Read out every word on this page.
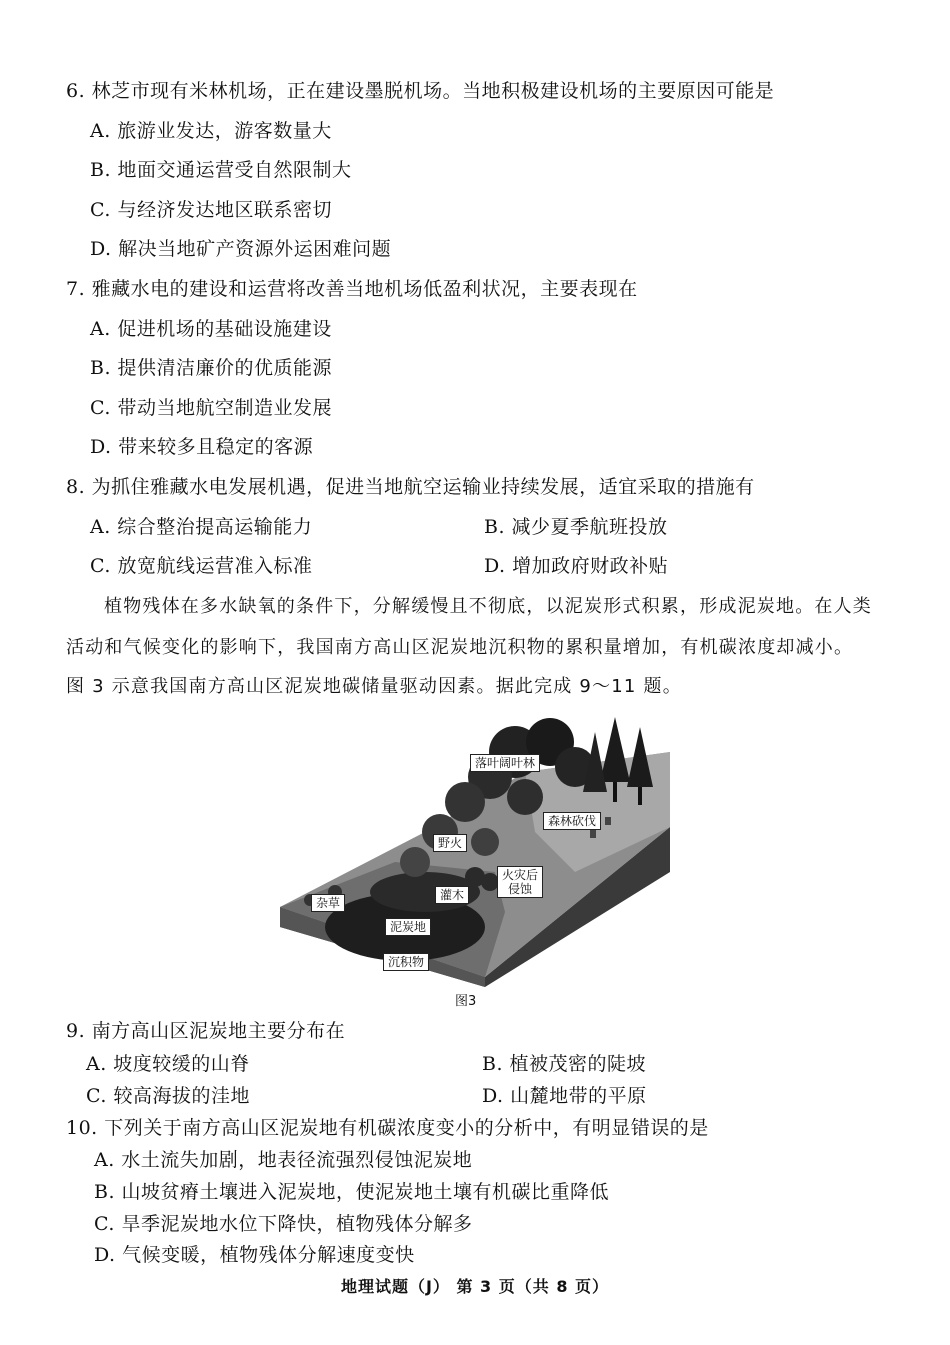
6. 林芝市现有米林机场，正在建设墨脱机场。当地积极建设机场的主要原因可能是
A. 旅游业发达，游客数量大
B. 地面交通运营受自然限制大
C. 与经济发达地区联系密切
D. 解决当地矿产资源外运困难问题
7. 雅藏水电的建设和运营将改善当地机场低盈利状况，主要表现在
A. 促进机场的基础设施建设
B. 提供清洁廉价的优质能源
C. 带动当地航空制造业发展
D. 带来较多且稳定的客源
8. 为抓住雅藏水电发展机遇，促进当地航空运输业持续发展，适宜采取的措施有
A. 综合整治提高运输能力	B. 减少夏季航班投放
C. 放宽航线运营准入标准	D. 增加政府财政补贴
植物残体在多水缺氧的条件下，分解缓慢且不彻底，以泥炭形式积累，形成泥炭地。在人类
活动和气候变化的影响下，我国南方高山区泥炭地沉积物的累积量增加，有机碳浓度却减小。
图 3 示意我国南方高山区泥炭地碳储量驱动因素。据此完成 9～11 题。
落叶阔叶林
森林砍伐
野火
火灾后
侵蚀
灌木
杂草
泥炭地
沉积物
图3
9. 南方高山区泥炭地主要分布在
A. 坡度较缓的山脊	B. 植被茂密的陡坡
C. 较高海拔的洼地	D. 山麓地带的平原
10. 下列关于南方高山区泥炭地有机碳浓度变小的分析中，有明显错误的是
A. 水土流失加剧，地表径流强烈侵蚀泥炭地
B. 山坡贫瘠土壤进入泥炭地，使泥炭地土壤有机碳比重降低
C. 旱季泥炭地水位下降快，植物残体分解多
D. 气候变暖，植物残体分解速度变快
地理试题（J） 第 3 页（共 8 页）
